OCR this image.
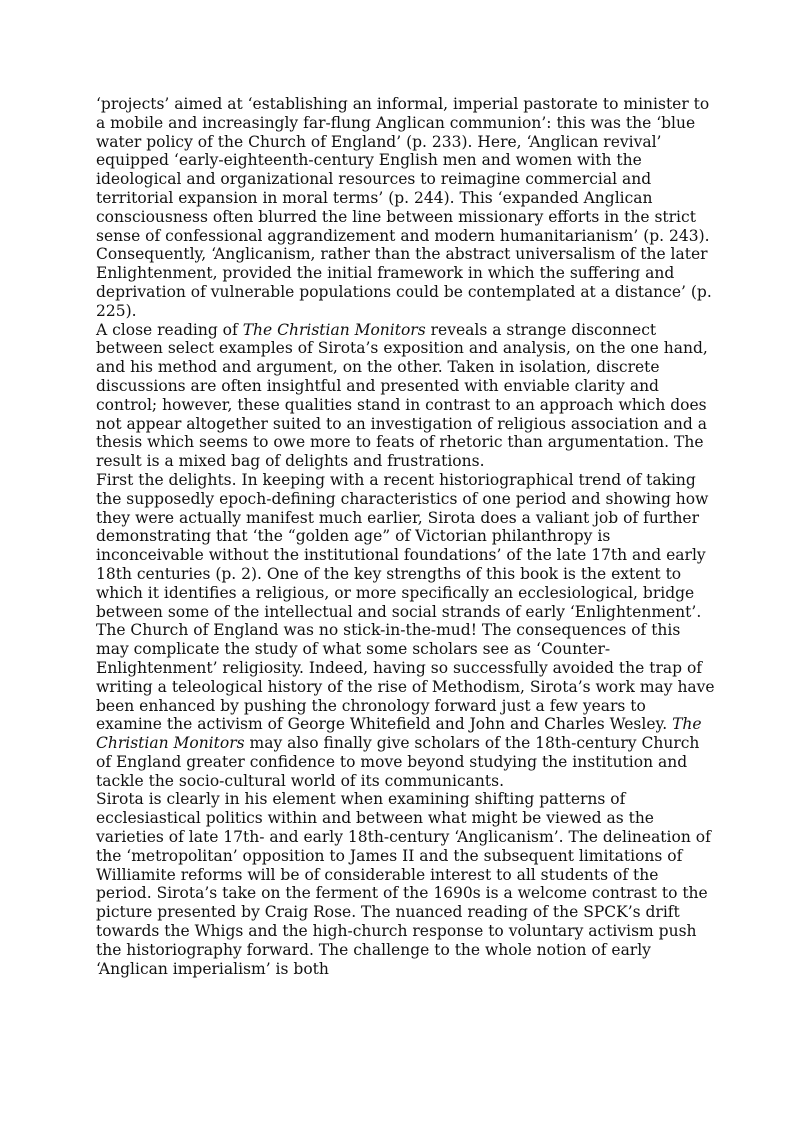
‘projects’ aimed at ‘establishing an informal, imperial pastorate to minister to a mobile and increasingly far-flung Anglican communion’: this was the ‘blue water policy of the Church of England’ (p. 233). Here, ‘Anglican revival’ equipped ‘early-eighteenth-century English men and women with the ideological and organizational resources to reimagine commercial and territorial expansion in moral terms’ (p. 244). This ‘expanded Anglican consciousness often blurred the line between missionary efforts in the strict sense of confessional aggrandizement and modern humanitarianism’ (p. 243). Consequently, ‘Anglicanism, rather than the abstract universalism of the later Enlightenment, provided the initial framework in which the suffering and deprivation of vulnerable populations could be contemplated at a distance’ (p. 225).

A close reading of The Christian Monitors reveals a strange disconnect between select examples of Sirota’s exposition and analysis, on the one hand, and his method and argument, on the other. Taken in isolation, discrete discussions are often insightful and presented with enviable clarity and control; however, these qualities stand in contrast to an approach which does not appear altogether suited to an investigation of religious association and a thesis which seems to owe more to feats of rhetoric than argumentation. The result is a mixed bag of delights and frustrations.

First the delights. In keeping with a recent historiographical trend of taking the supposedly epoch-defining characteristics of one period and showing how they were actually manifest much earlier, Sirota does a valiant job of further demonstrating that ‘the “golden age” of Victorian philanthropy is inconceivable without the institutional foundations’ of the late 17th and early 18th centuries (p. 2). One of the key strengths of this book is the extent to which it identifies a religious, or more specifically an ecclesiological, bridge between some of the intellectual and social strands of early ‘Enlightenment’. The Church of England was no stick-in-the-mud! The consequences of this may complicate the study of what some scholars see as ‘Counter-Enlightenment’ religiosity. Indeed, having so successfully avoided the trap of writing a teleological history of the rise of Methodism, Sirota’s work may have been enhanced by pushing the chronology forward just a few years to examine the activism of George Whitefield and John and Charles Wesley. The Christian Monitors may also finally give scholars of the 18th-century Church of England greater confidence to move beyond studying the institution and tackle the socio-cultural world of its communicants.

Sirota is clearly in his element when examining shifting patterns of ecclesiastical politics within and between what might be viewed as the varieties of late 17th- and early 18th-century ‘Anglicanism’. The delineation of the ‘metropolitan’ opposition to James II and the subsequent limitations of Williamite reforms will be of considerable interest to all students of the period. Sirota’s take on the ferment of the 1690s is a welcome contrast to the picture presented by Craig Rose. The nuanced reading of the SPCK’s drift towards the Whigs and the high-church response to voluntary activism push the historiography forward. The challenge to the whole notion of early ‘Anglican imperialism’ is both
